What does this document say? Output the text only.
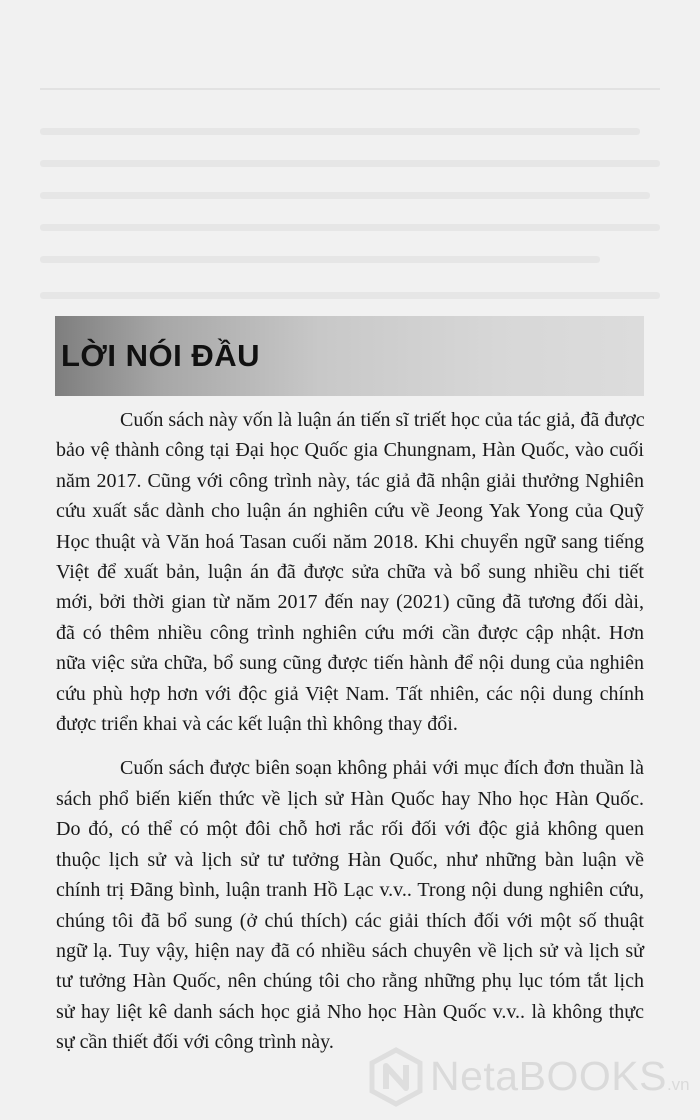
LỜI NÓI ĐẦU
Cuốn sách này vốn là luận án tiến sĩ triết học của tác giả, đã được
bảo vệ thành công tại Đại học Quốc gia Chungnam, Hàn Quốc, vào cuối
năm 2017. Cũng với công trình này, tác giả đã nhận giải thưởng Nghiên
cứu xuất sắc dành cho luận án nghiên cứu về Jeong Yak Yong của Quỹ
Học thuật và Văn hoá Tasan cuối năm 2018. Khi chuyển ngữ sang tiếng
Việt để xuất bản, luận án đã được sửa chữa và bổ sung nhiều chi tiết
mới, bởi thời gian từ năm 2017 đến nay (2021) cũng đã tương đối dài,
đã có thêm nhiều công trình nghiên cứu mới cần được cập nhật. Hơn
nữa việc sửa chữa, bổ sung cũng được tiến hành để nội dung của nghiên
cứu phù hợp hơn với độc giả Việt Nam. Tất nhiên, các nội dung chính
được triển khai và các kết luận thì không thay đổi.
Cuốn sách được biên soạn không phải với mục đích đơn thuần là
sách phổ biến kiến thức về lịch sử Hàn Quốc hay Nho học Hàn Quốc.
Do đó, có thể có một đôi chỗ hơi rắc rối đối với độc giả không quen
thuộc lịch sử và lịch sử tư tưởng Hàn Quốc, như những bàn luận về
chính trị Đãng bình, luận tranh Hồ Lạc v.v.. Trong nội dung nghiên cứu,
chúng tôi đã bổ sung (ở chú thích) các giải thích đối với một số thuật
ngữ lạ. Tuy vậy, hiện nay đã có nhiều sách chuyên về lịch sử và lịch sử
tư tưởng Hàn Quốc, nên chúng tôi cho rằng những phụ lục tóm tắt lịch
sử hay liệt kê danh sách học giả Nho học Hàn Quốc v.v.. là không thực
sự cần thiết đối với công trình này.
NetaBOOKS.vn
